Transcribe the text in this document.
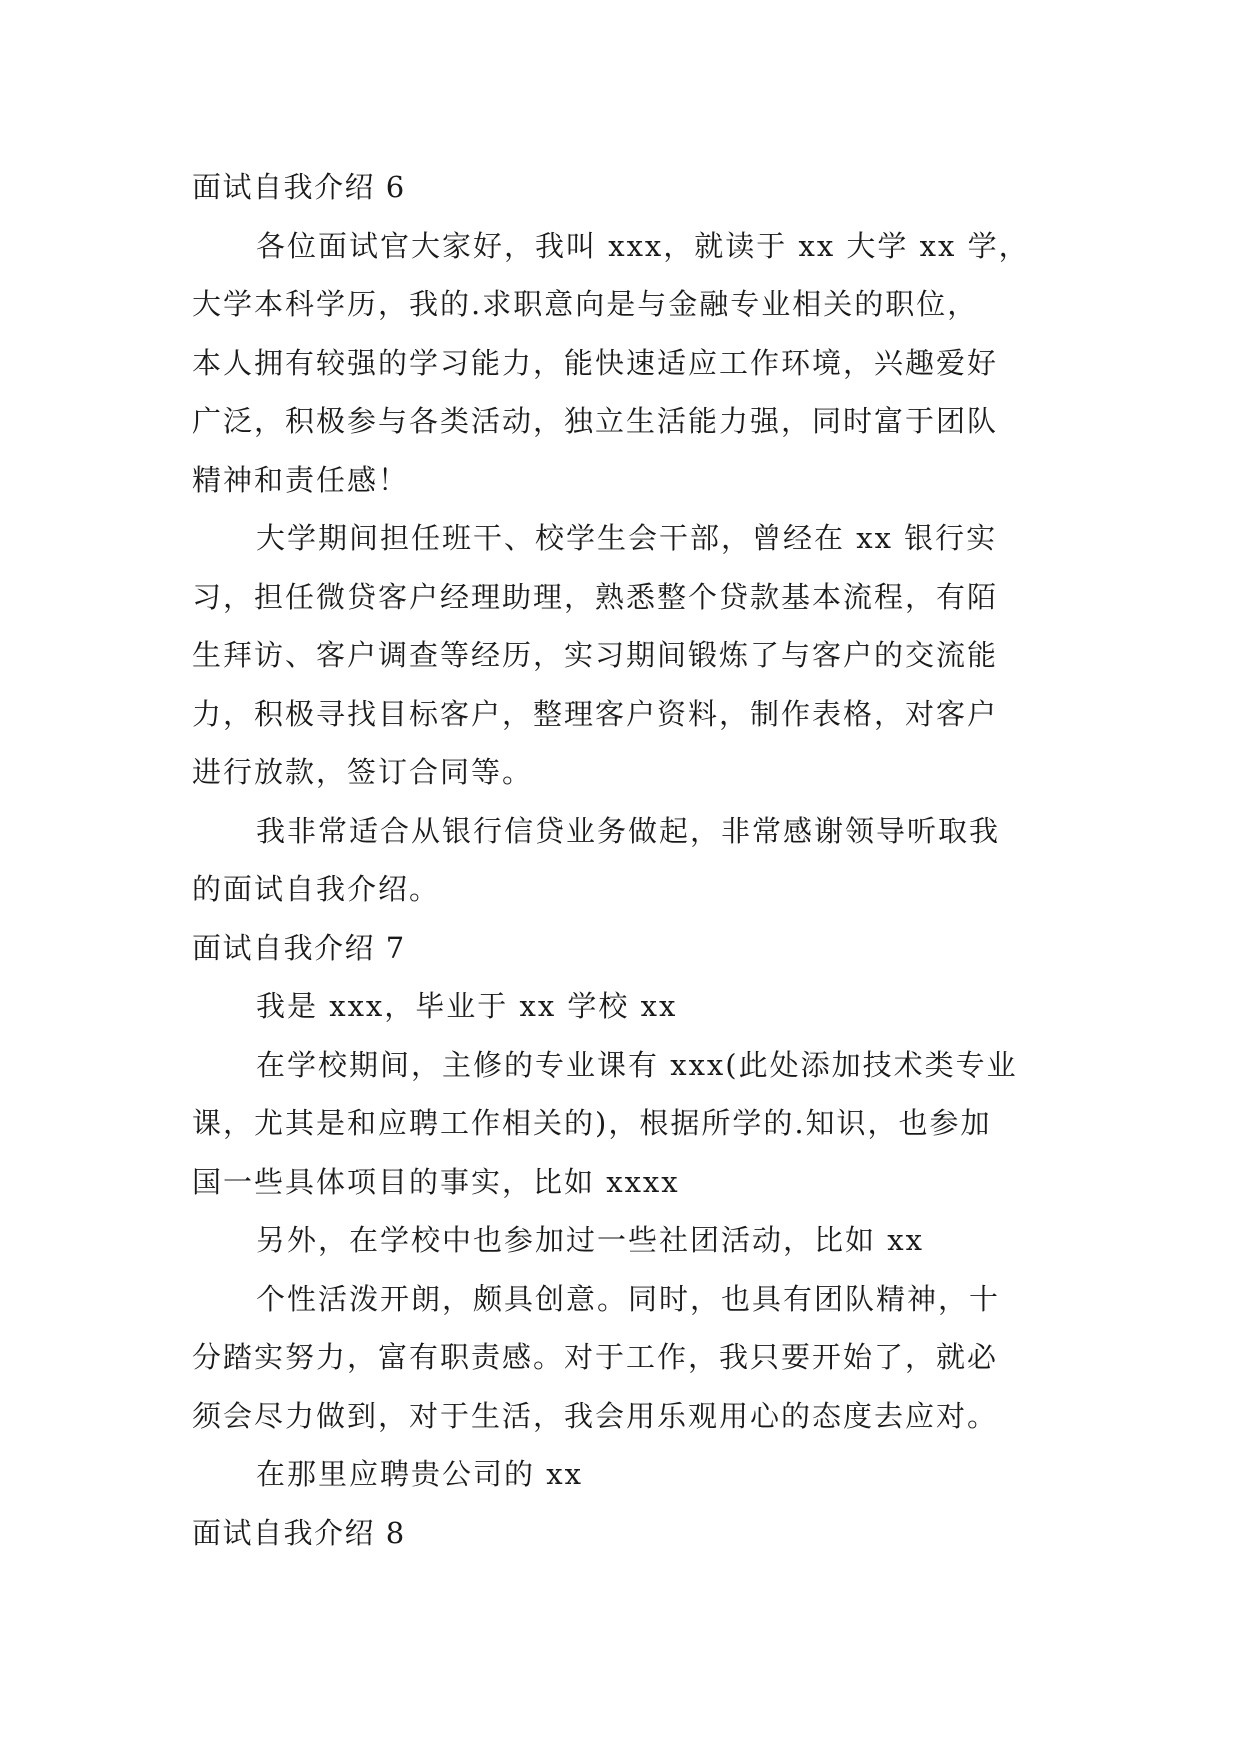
面试自我介绍 6
各位面试官大家好，我叫 xxx，就读于 xx 大学 xx 学，
大学本科学历，我的.求职意向是与金融专业相关的职位，
本人拥有较强的学习能力，能快速适应工作环境，兴趣爱好
广泛，积极参与各类活动，独立生活能力强，同时富于团队
精神和责任感！
大学期间担任班干、校学生会干部，曾经在 xx 银行实
习，担任微贷客户经理助理，熟悉整个贷款基本流程，有陌
生拜访、客户调查等经历，实习期间锻炼了与客户的交流能
力，积极寻找目标客户，整理客户资料，制作表格，对客户
进行放款，签订合同等。
我非常适合从银行信贷业务做起，非常感谢领导听取我
的面试自我介绍。
面试自我介绍 7
我是 xxx，毕业于 xx 学校 xx
在学校期间，主修的专业课有 xxx(此处添加技术类专业
课，尤其是和应聘工作相关的)，根据所学的.知识，也参加
国一些具体项目的事实，比如 xxxx
另外，在学校中也参加过一些社团活动，比如 xx
个性活泼开朗，颇具创意。同时，也具有团队精神，十
分踏实努力，富有职责感。对于工作，我只要开始了，就必
须会尽力做到，对于生活，我会用乐观用心的态度去应对。
在那里应聘贵公司的 xx
面试自我介绍 8
